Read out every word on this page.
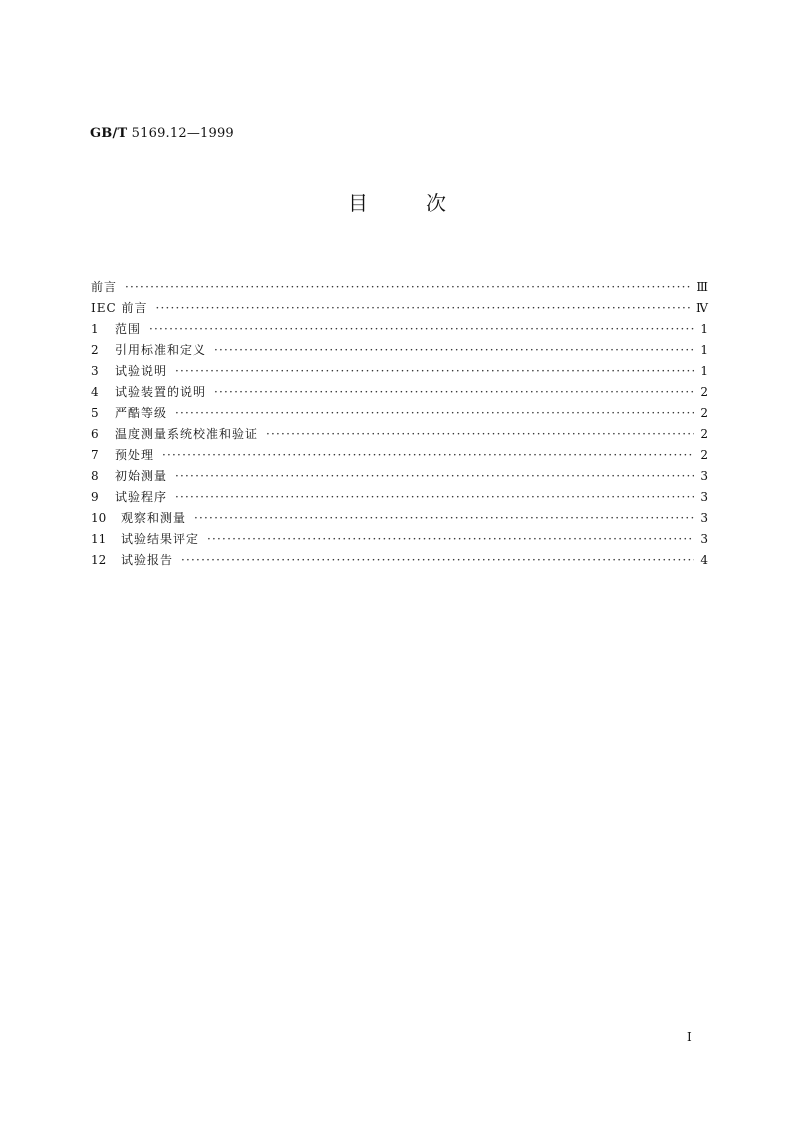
GB/T 5169.12—1999
目	次
前言 ·····	Ⅲ
IEC 前言 ·····	Ⅳ
1	范围 ·····	1
2	引用标准和定义 ·····	1
3	试验说明 ·····	1
4	试验装置的说明 ·····	2
5	严酷等级 ·····	2
6	温度测量系统校准和验证 ·····	2
7	预处理 ·····	2
8	初始测量 ·····	3
9	试验程序 ·····	3
10	观察和测量 ·····	3
11	试验结果评定 ·····	3
12	试验报告 ·····	4
Ⅰ
